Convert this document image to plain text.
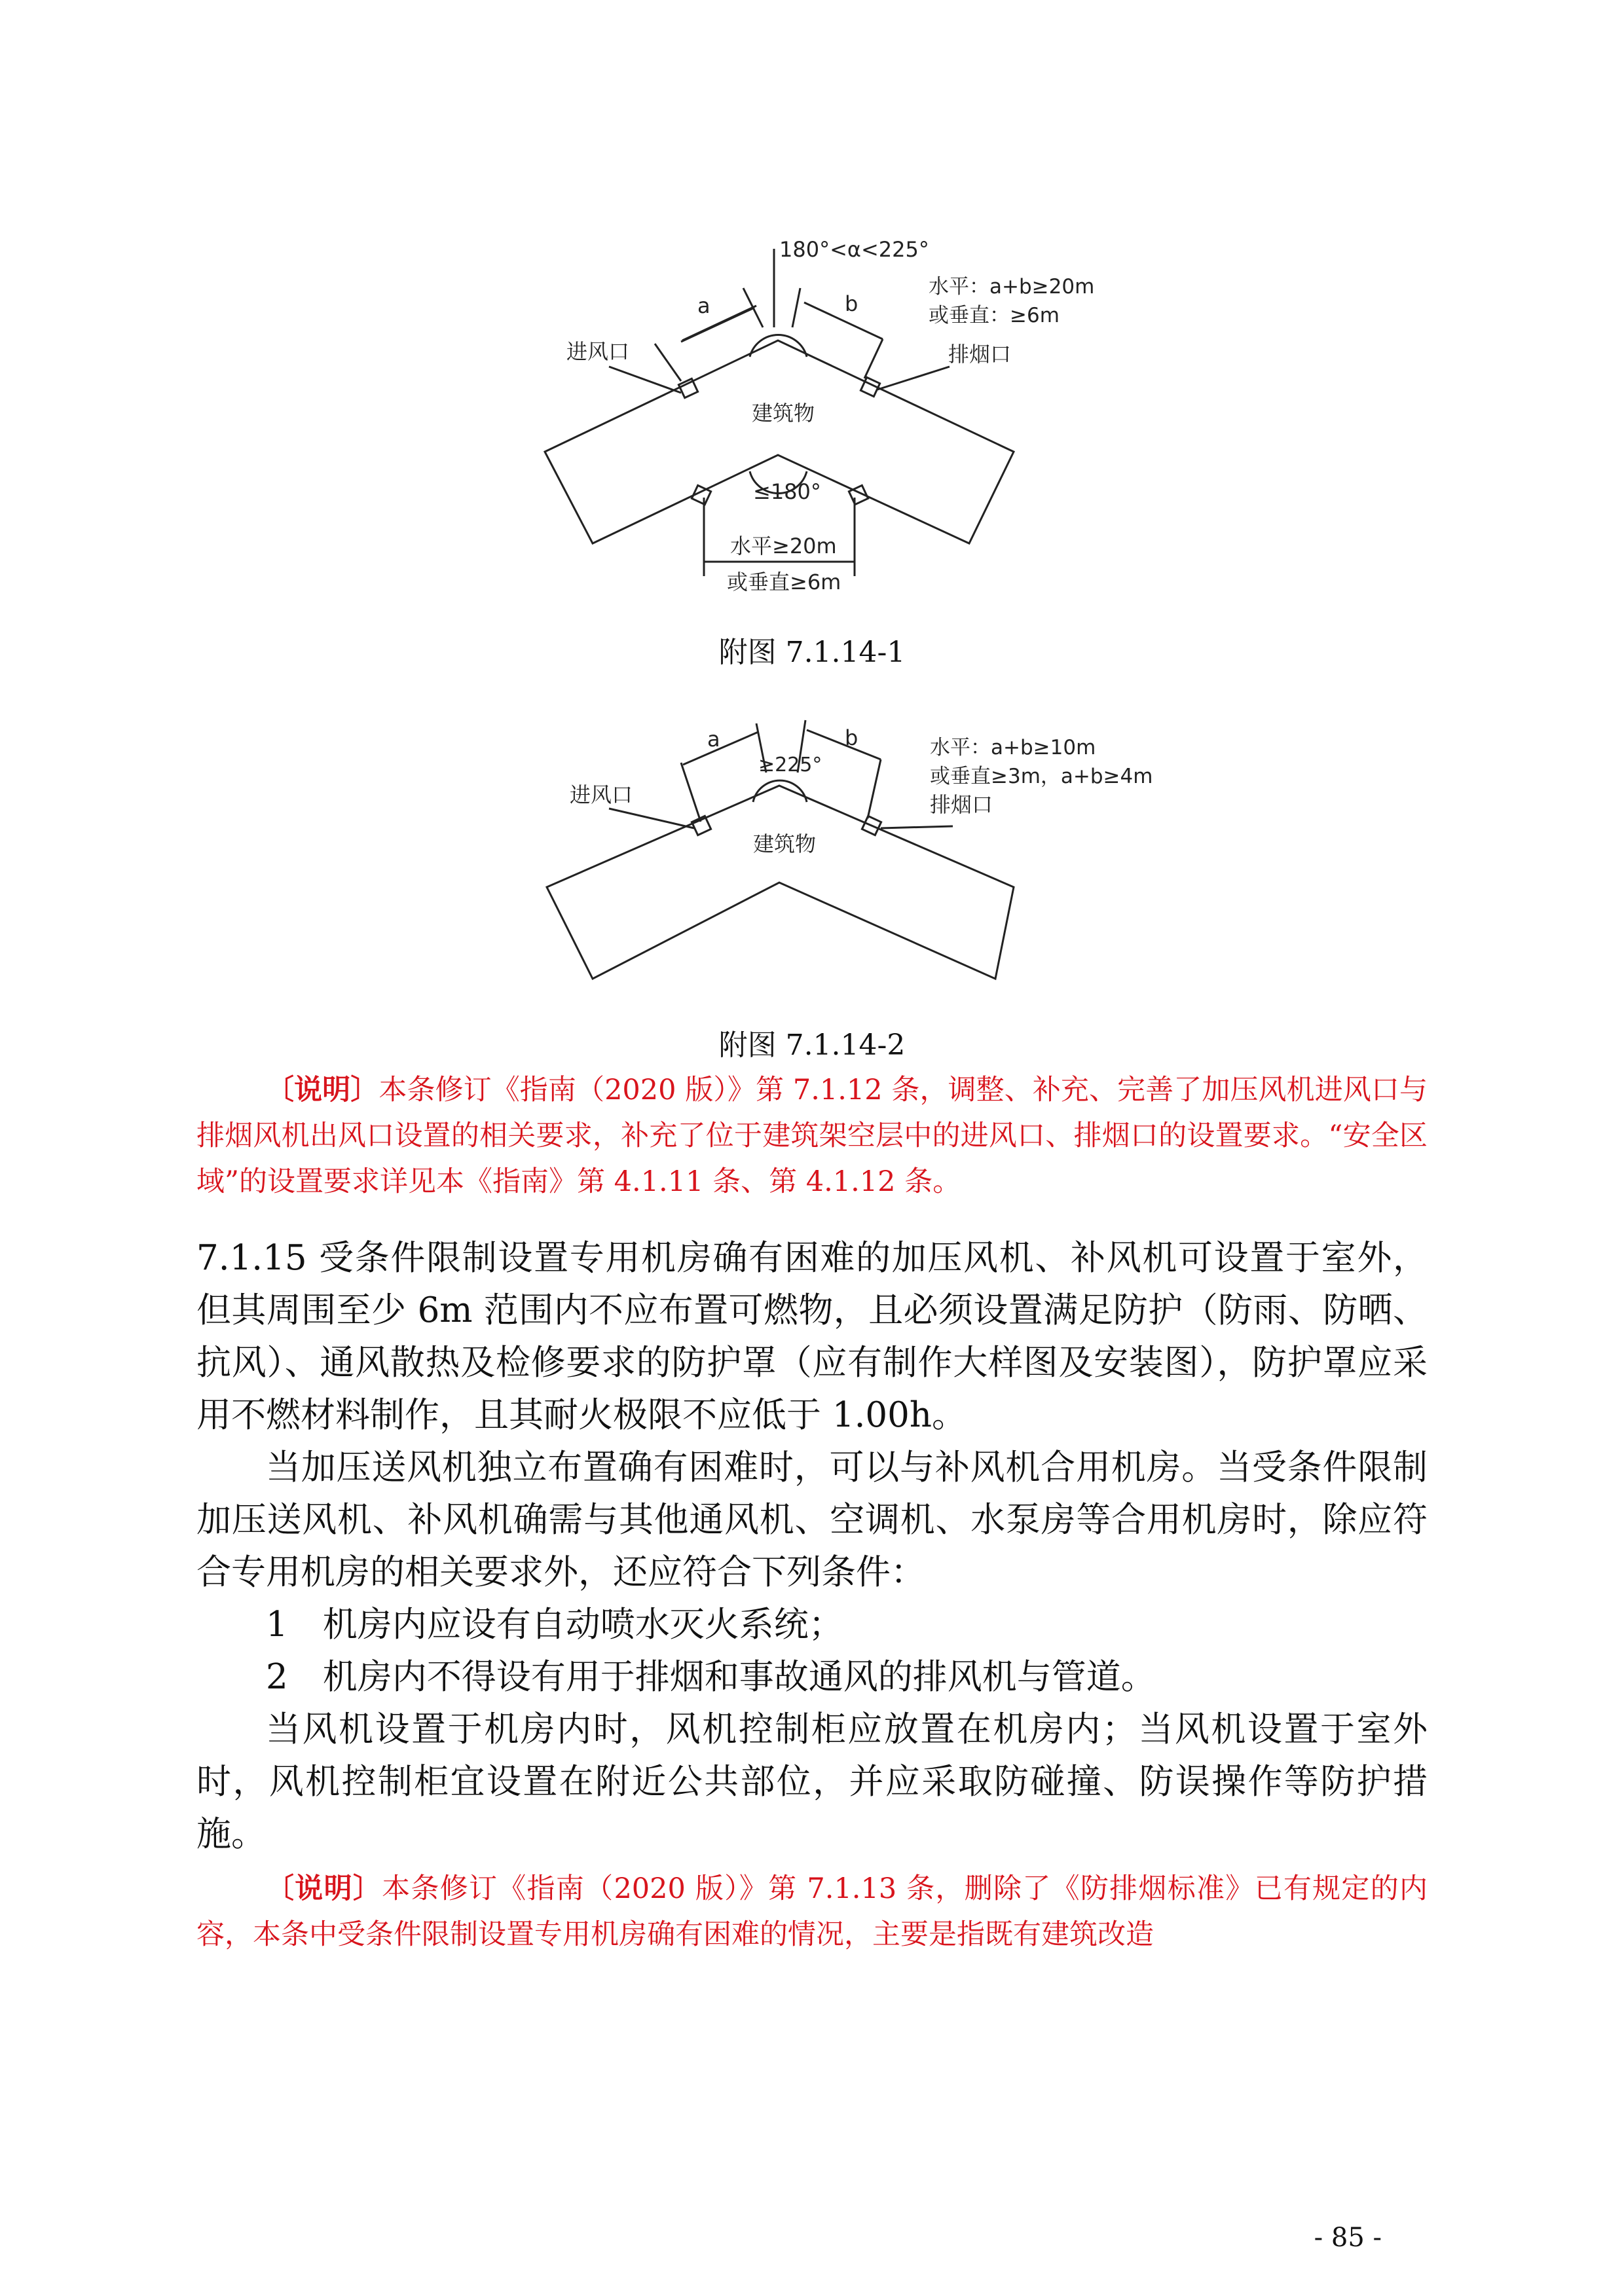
180°<α<225°
a	b
水平：a+b≥20m
或垂直：≥6m
进风口	排烟口
建筑物
≤180°
水平≥20m
或垂直≥6m
附图 7.1.14-1
a	b
≥225°
水平：a+b≥10m
或垂直≥3m，a+b≥4m
排烟口
进风口
建筑物
附图 7.1.14-2

〔说明〕本条修订《指南（2020 版）》第 7.1.12 条，调整、补充、完善了加压风机进风口与排烟风机出风口设置的相关要求，补充了位于建筑架空层中的进风口、排烟口的设置要求。“安全区域”的设置要求详见本《指南》第 4.1.11 条、第 4.1.12 条。

7.1.15 受条件限制设置专用机房确有困难的加压风机、补风机可设置于室外，但其周围至少 6m 范围内不应布置可燃物，且必须设置满足防护（防雨、防晒、抗风）、通风散热及检修要求的防护罩（应有制作大样图及安装图），防护罩应采用不燃材料制作，且其耐火极限不应低于 1.00h。

当加压送风机独立布置确有困难时，可以与补风机合用机房。当受条件限制加压送风机、补风机确需与其他通风机、空调机、水泵房等合用机房时，除应符合专用机房的相关要求外，还应符合下列条件：

1　机房内应设有自动喷水灭火系统；

2　机房内不得设有用于排烟和事故通风的排风机与管道。

当风机设置于机房内时，风机控制柜应放置在机房内；当风机设置于室外时，风机控制柜宜设置在附近公共部位，并应采取防碰撞、防误操作等防护措施。

〔说明〕本条修订《指南（2020 版）》第 7.1.13 条，删除了《防排烟标准》已有规定的内容，本条中受条件限制设置专用机房确有困难的情况，主要是指既有建筑改造

- 85 -
